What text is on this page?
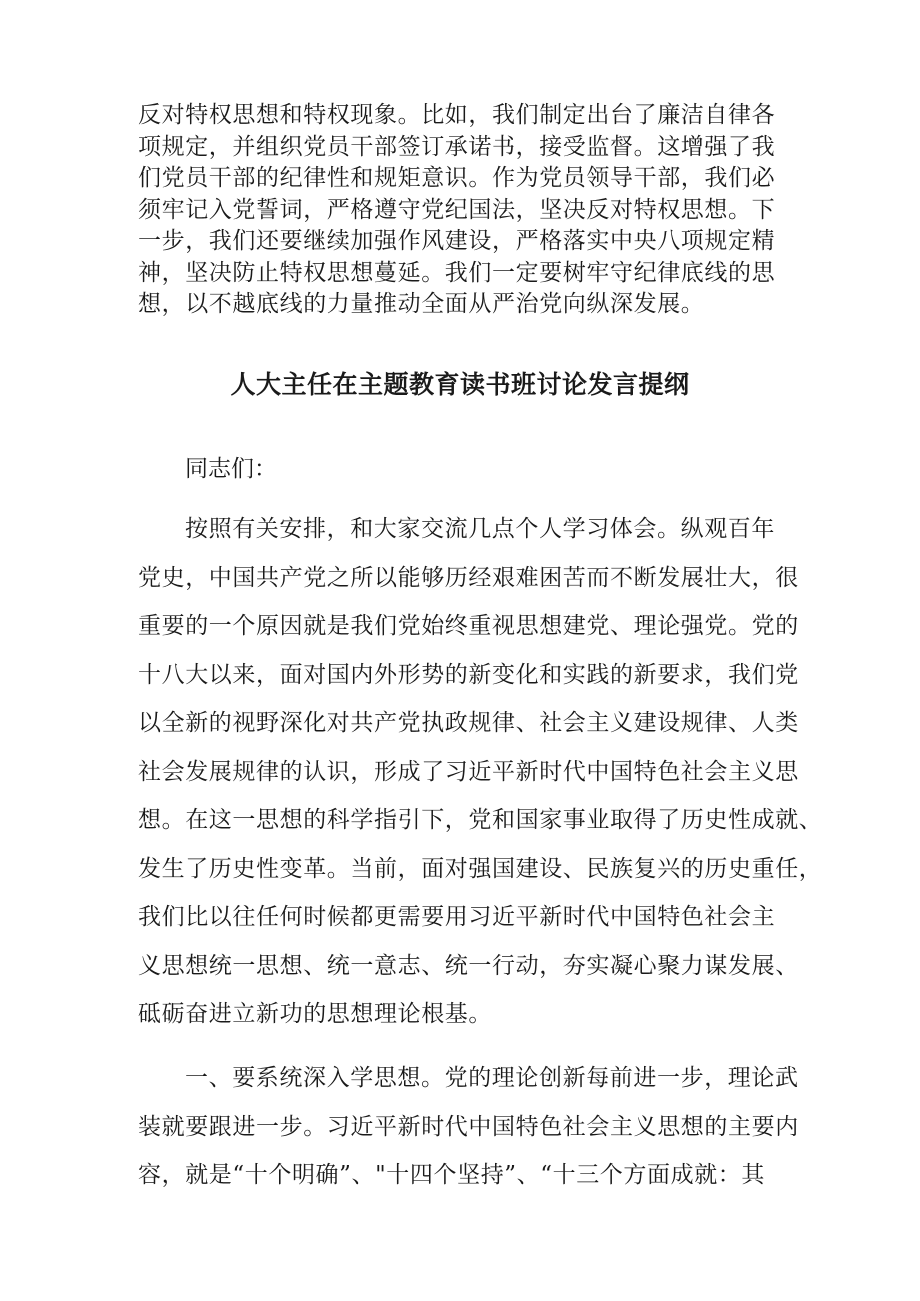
反对特权思想和特权现象。比如，我们制定出台了廉洁自律各
项规定，并组织党员干部签订承诺书，接受监督。这增强了我
们党员干部的纪律性和规矩意识。作为党员领导干部，我们必
须牢记入党誓词，严格遵守党纪国法，坚决反对特权思想。下
一步，我们还要继续加强作风建设，严格落实中央八项规定精
神，坚决防止特权思想蔓延。我们一定要树牢守纪律底线的思
想，以不越底线的力量推动全面从严治党向纵深发展。
人大主任在主题教育读书班讨论发言提纲
同志们：
按照有关安排，和大家交流几点个人学习体会。纵观百年
党史，中国共产党之所以能够历经艰难困苦而不断发展壮大，很
重要的一个原因就是我们党始终重视思想建党、理论强党。党的
十八大以来，面对国内外形势的新变化和实践的新要求，我们党
以全新的视野深化对共产党执政规律、社会主义建设规律、人类
社会发展规律的认识，形成了习近平新时代中国特色社会主义思
想。在这一思想的科学指引下，党和国家事业取得了历史性成就、
发生了历史性变革。当前，面对强国建设、民族复兴的历史重任，
我们比以往任何时候都更需要用习近平新时代中国特色社会主
义思想统一思想、统一意志、统一行动，夯实凝心聚力谋发展、
砥砺奋进立新功的思想理论根基。
一、要系统深入学思想。党的理论创新每前进一步，理论武
装就要跟进一步。习近平新时代中国特色社会主义思想的主要内
容，就是“十个明确”、"十四个坚持”、“十三个方面成就：其
